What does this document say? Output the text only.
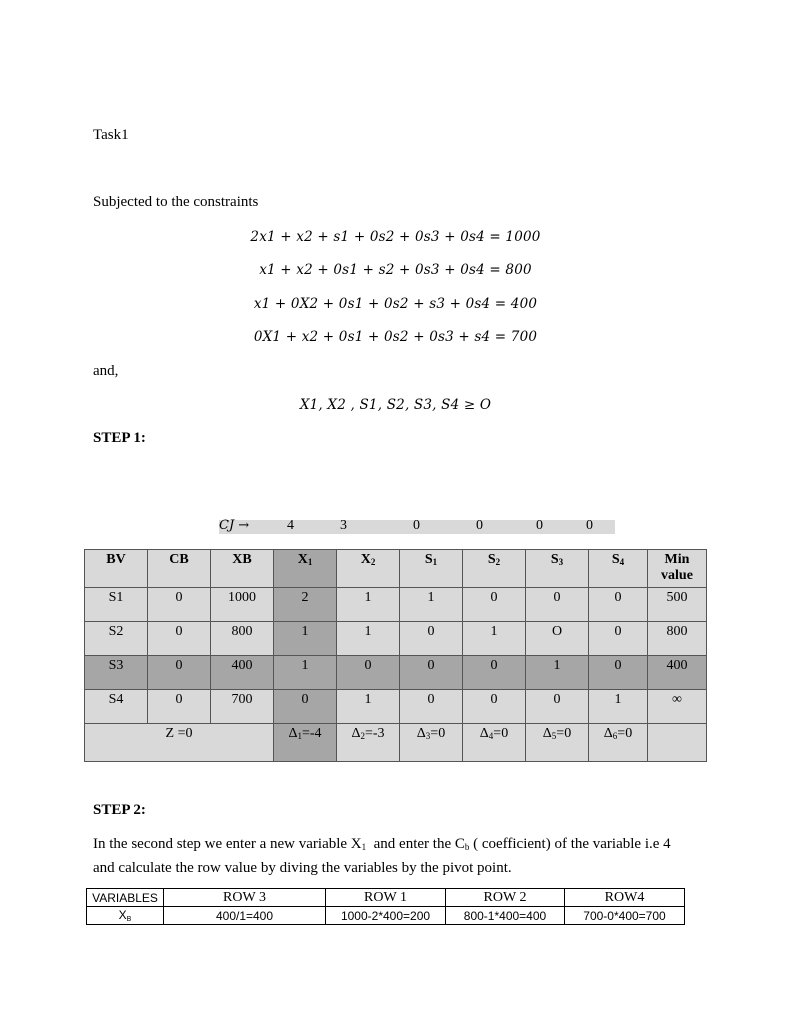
Task1
Subjected to the constraints
2x1 + x2 + s1 + 0s2 + 0s3 + 0s4 = 1000
x1 + x2 + 0s1 + s2 + 0s3 + 0s4 = 800
x1 + 0X2 + 0s1 + 0s2 + s3 + 0s4 = 400
0X1 + x2 + 0s1 + 0s2 + 0s3 + s4 = 700
and,
X1, X2 , S1, S2, S3, S4 ≥ O
STEP 1:
CJ →	4	3	0	0	0	0
BV	CB	XB	$X_1$	$X_2$	$S_1$	$S_2$	$S_3$	$S_4$	Min value
S1	0	1000	2	1	1	0	0	0	500
S2	0	800	1	1	0	1	O	0	800
S3	0	400	1	0	0	0	1	0	400
S4	0	700	0	1	0	0	0	1	∞
Z =0			$\Delta_1=-4$	$\Delta_2=-3$	$\Delta_3=0$	$\Delta_4=0$	$\Delta_5=0$	$\Delta_6=0$	
STEP 2:
In the second step we enter a new variable $X_1$  and enter the $C_b$ ( coefficient) of the variable i.e 4
and calculate the row value by diving the variables by the pivot point.
VARIABLES	ROW 3	ROW 1	ROW 2	ROW4
$X_B$	400/1=400	1000-2*400=200	800-1*400=400	700-0*400=700
